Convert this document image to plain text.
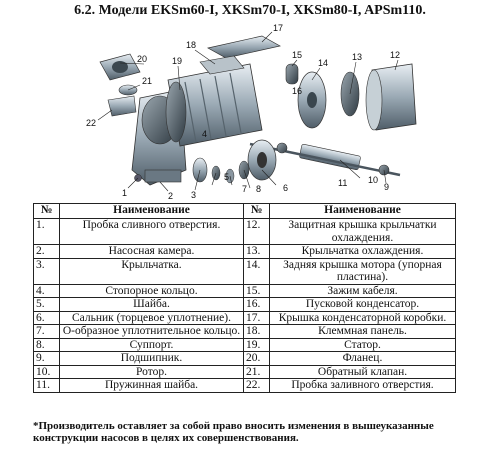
6.2. Модели EKSm60-I, XKSm70-I, XKSm80-I, APSm110.
2
1	3
4
5
6
7 8	9
10
11
12
13
14
15
16
17
18
19
20
21
22
№	Наименование	№	Наименование
1.	Пробка сливного отверстия.	12.	Защитная крышка крыльчатки охлаждения.
2.	Насосная камера.	13.	Крыльчатка охлаждения.
3.	Крыльчатка.	14.	Задняя крышка мотора (упорная пластина).
4.	Стопорное кольцо.	15.	Зажим кабеля.
5.	Шайба.	16.	Пусковой конденсатор.
6.	Сальник (торцевое уплотнение).	17.	Крышка конденсаторной коробки.
7.	О-образное уплотнительное кольцо.	18.	Клеммная панель.
8.	Суппорт.	19.	Статор.
9.	Подшипник.	20.	Фланец.
10.	Ротор.	21.	Обратный клапан.
11.	Пружинная шайба.	22.	Пробка заливного отверстия.
*Производитель оставляет за собой право вносить изменения в вышеуказанные конструкции насосов в целях их совершенствования.
